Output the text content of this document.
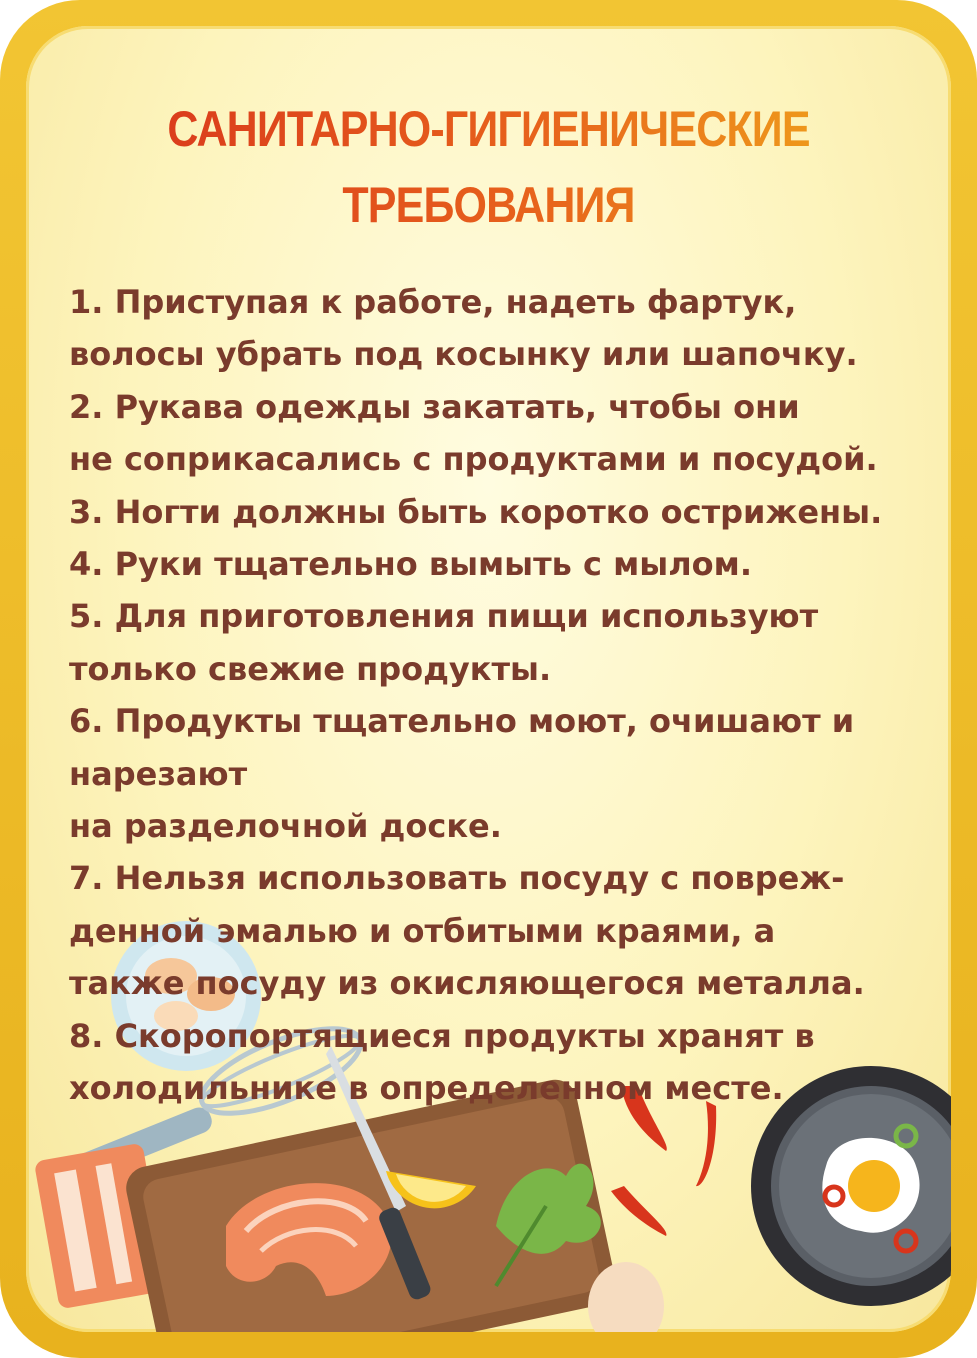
САНИТАРНО-ГИГИЕНИЧЕСКИЕ
ТРЕБОВАНИЯ
1. Приступая к работе, надеть фартук,
волосы убрать под косынку или шапочку.
2. Рукава одежды закатать, чтобы они
не соприкасались с продуктами и посудой.
3. Ногти должны быть коротко острижены.
4. Руки тщательно вымыть с мылом.
5. Для приготовления пищи используют
только свежие продукты.
6. Продукты тщательно моют, очишают и
нарезают
на разделочной доске.
7. Нельзя использовать посуду с повреж-
денной эмалью и отбитыми краями, а
также посуду из окисляющегося металла.
8. Скоропортящиеся продукты хранят в
холодильнике в определенном месте.
